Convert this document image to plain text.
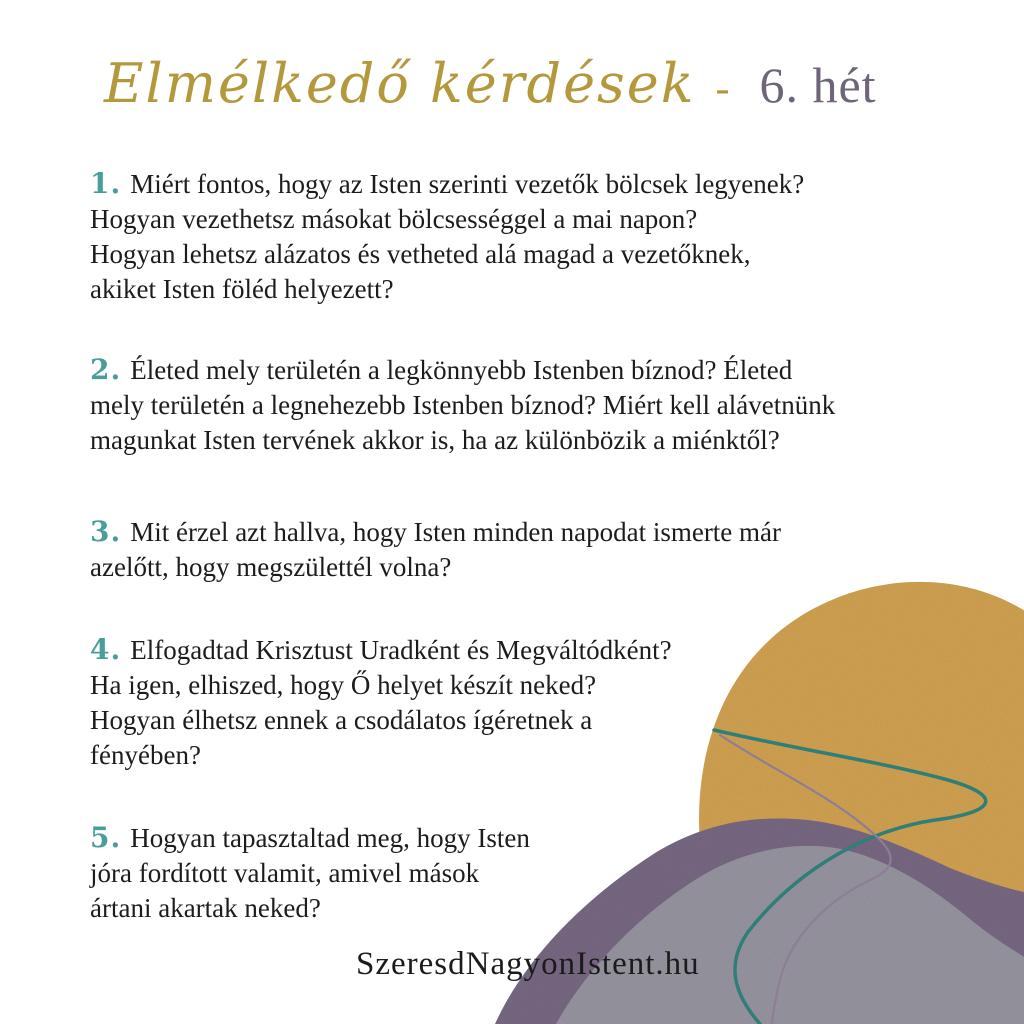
Elmélkedő kérdések - 6. hét

1. Miért fontos, hogy az Isten szerinti vezetők bölcsek legyenek?

Hogyan vezethetsz másokat bölcsességgel a mai napon?

Hogyan lehetsz alázatos és vetheted alá magad a vezetőknek,

akiket Isten föléd helyezett?

2. Életed mely területén a legkönnyebb Istenben bíznod? Életed

mely területén a legnehezebb Istenben bíznod? Miért kell alávetnünk

magunkat Isten tervének akkor is, ha az különbözik a miénktől?

3. Mit érzel azt hallva, hogy Isten minden napodat ismerte már

azelőtt, hogy megszülettél volna?

4. Elfogadtad Krisztust Uradként és Megváltódként?

Ha igen, elhiszed, hogy Ő helyet készít neked?

Hogyan élhetsz ennek a csodálatos ígéretnek a

fényében?

5. Hogyan tapasztaltad meg, hogy Isten

jóra fordított valamit, amivel mások

ártani akartak neked?

SzeresdNagyonIstent.hu
